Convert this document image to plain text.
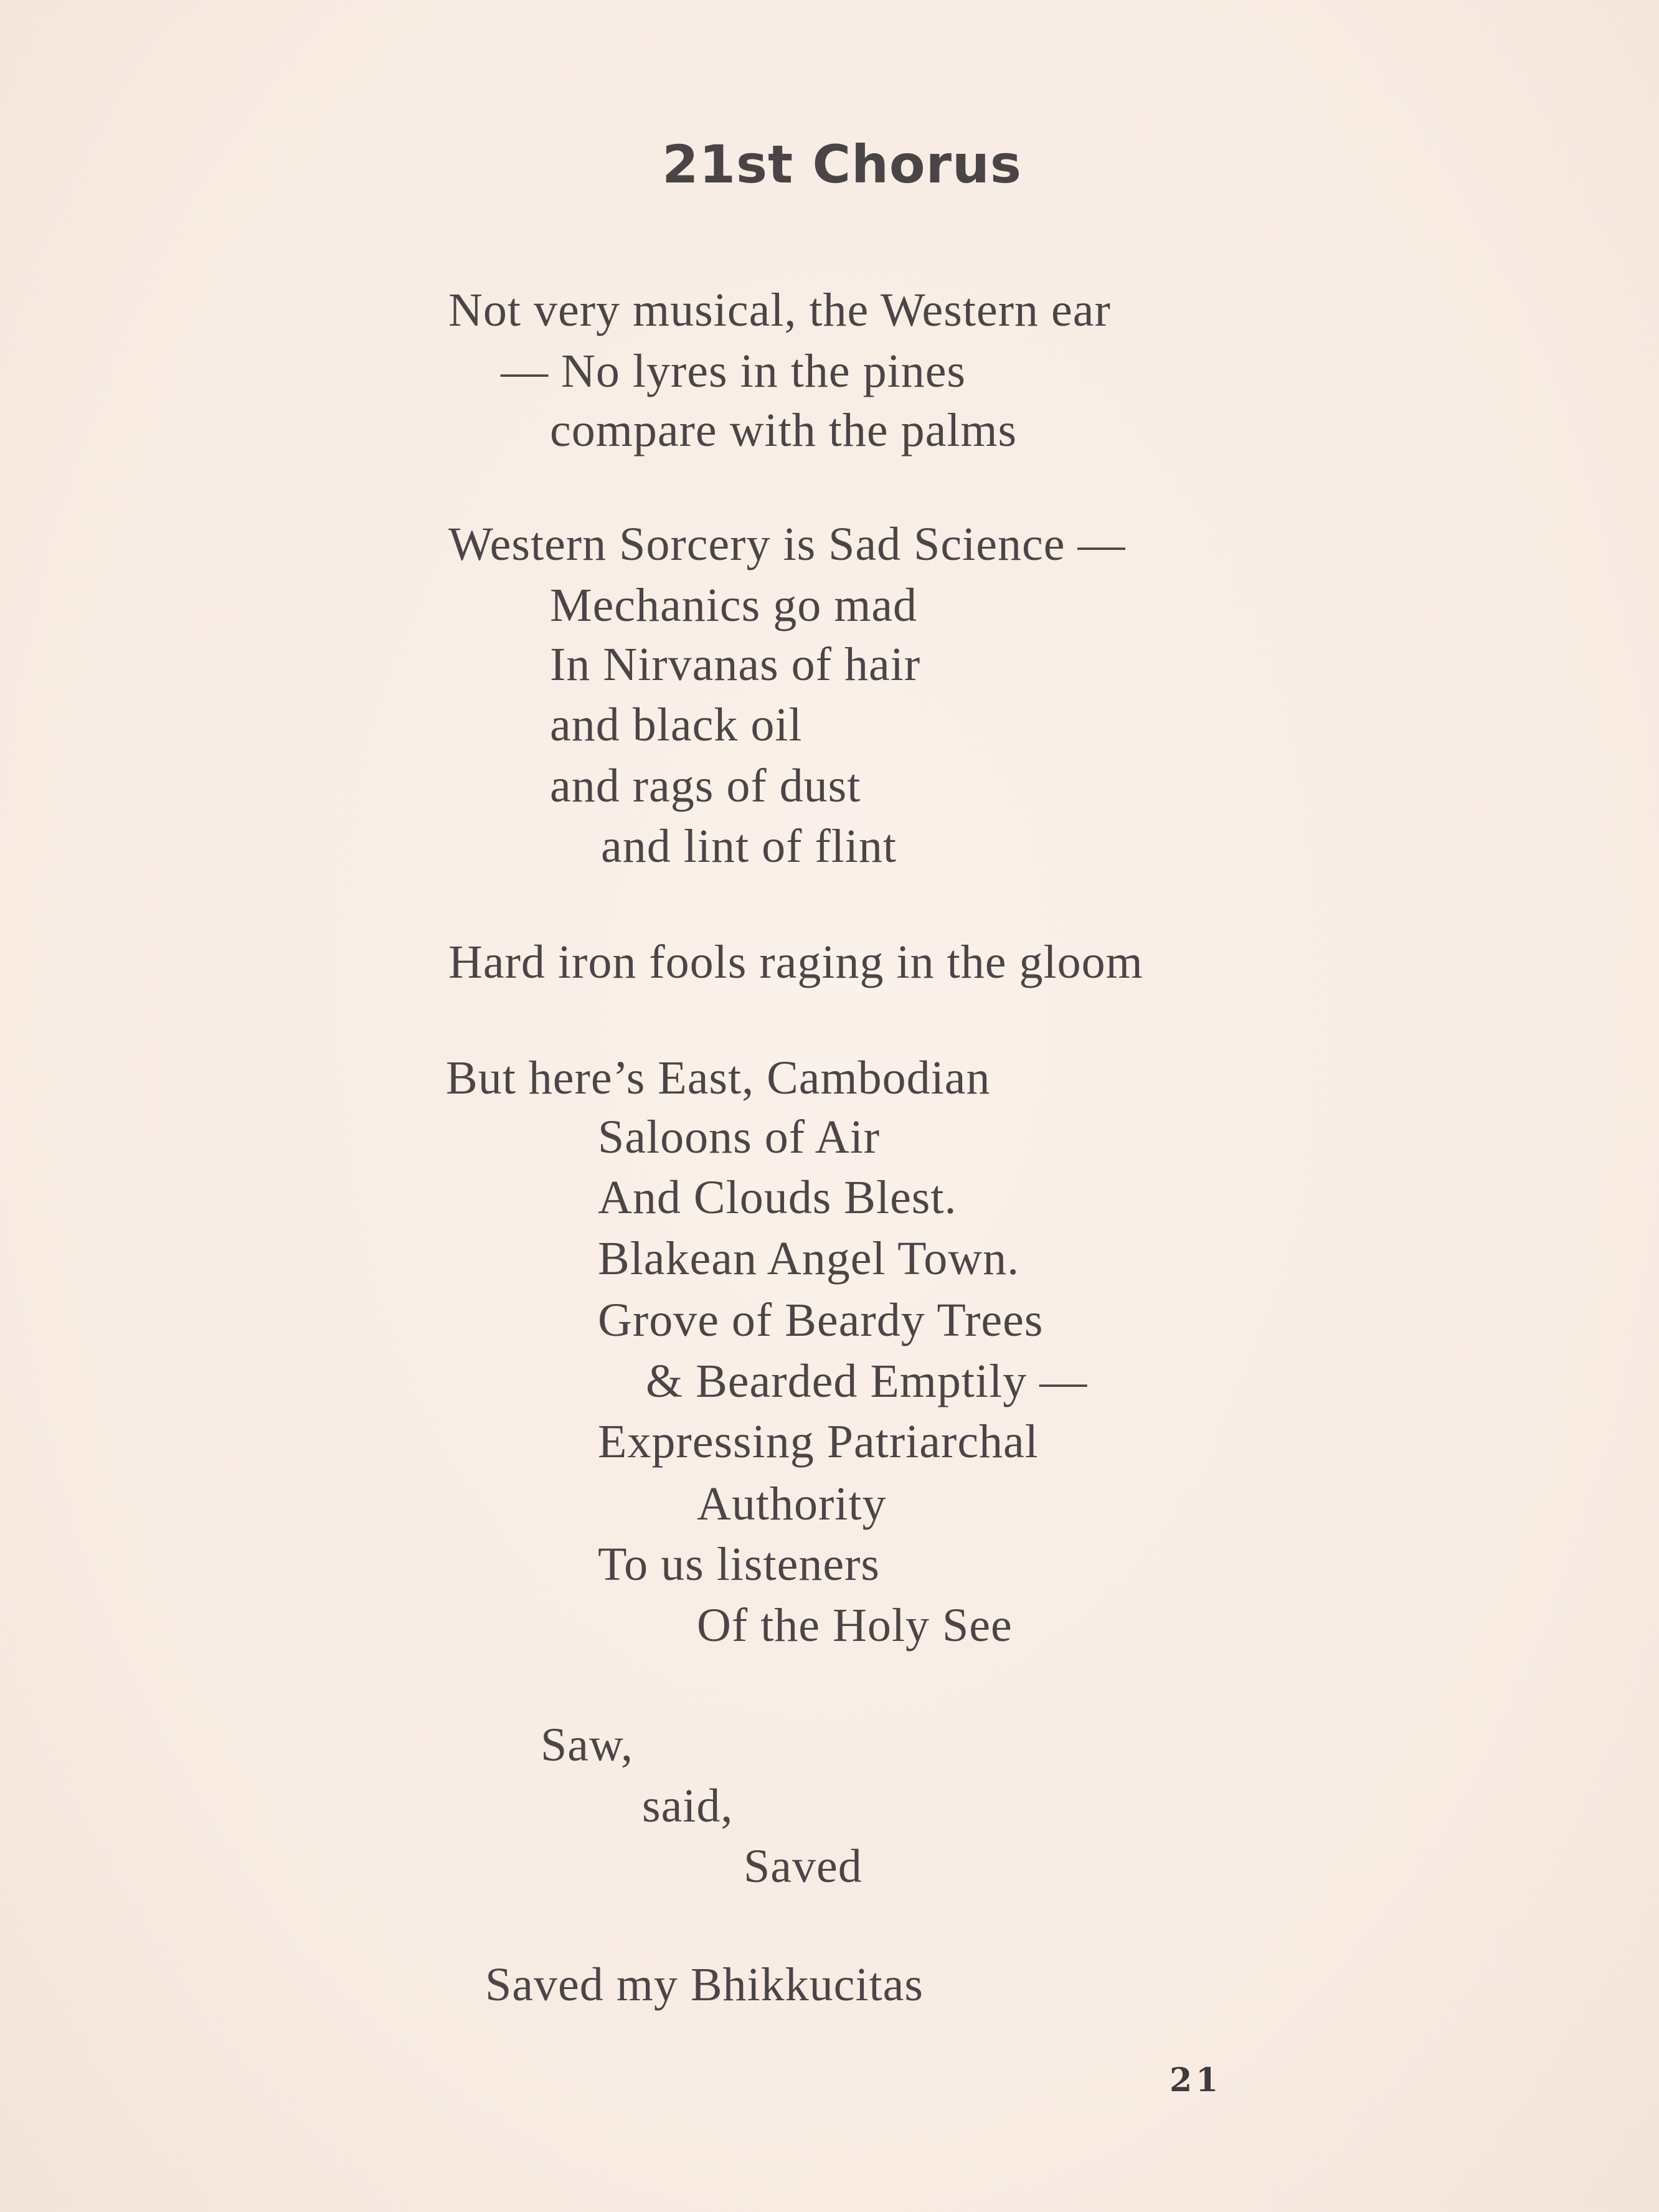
21st Chorus
Not very musical, the Western ear
— No lyres in the pines
compare with the palms
Western Sorcery is Sad Science —
Mechanics go mad
In Nirvanas of hair
and black oil
and rags of dust
and lint of flint
Hard iron fools raging in the gloom
But here’s East, Cambodian
Saloons of Air
And Clouds Blest.
Blakean Angel Town.
Grove of Beardy Trees
& Bearded Emptily —
Expressing Patriarchal
Authority
To us listeners
Of the Holy See
Saw,
said,
Saved
Saved my Bhikkucitas
21
